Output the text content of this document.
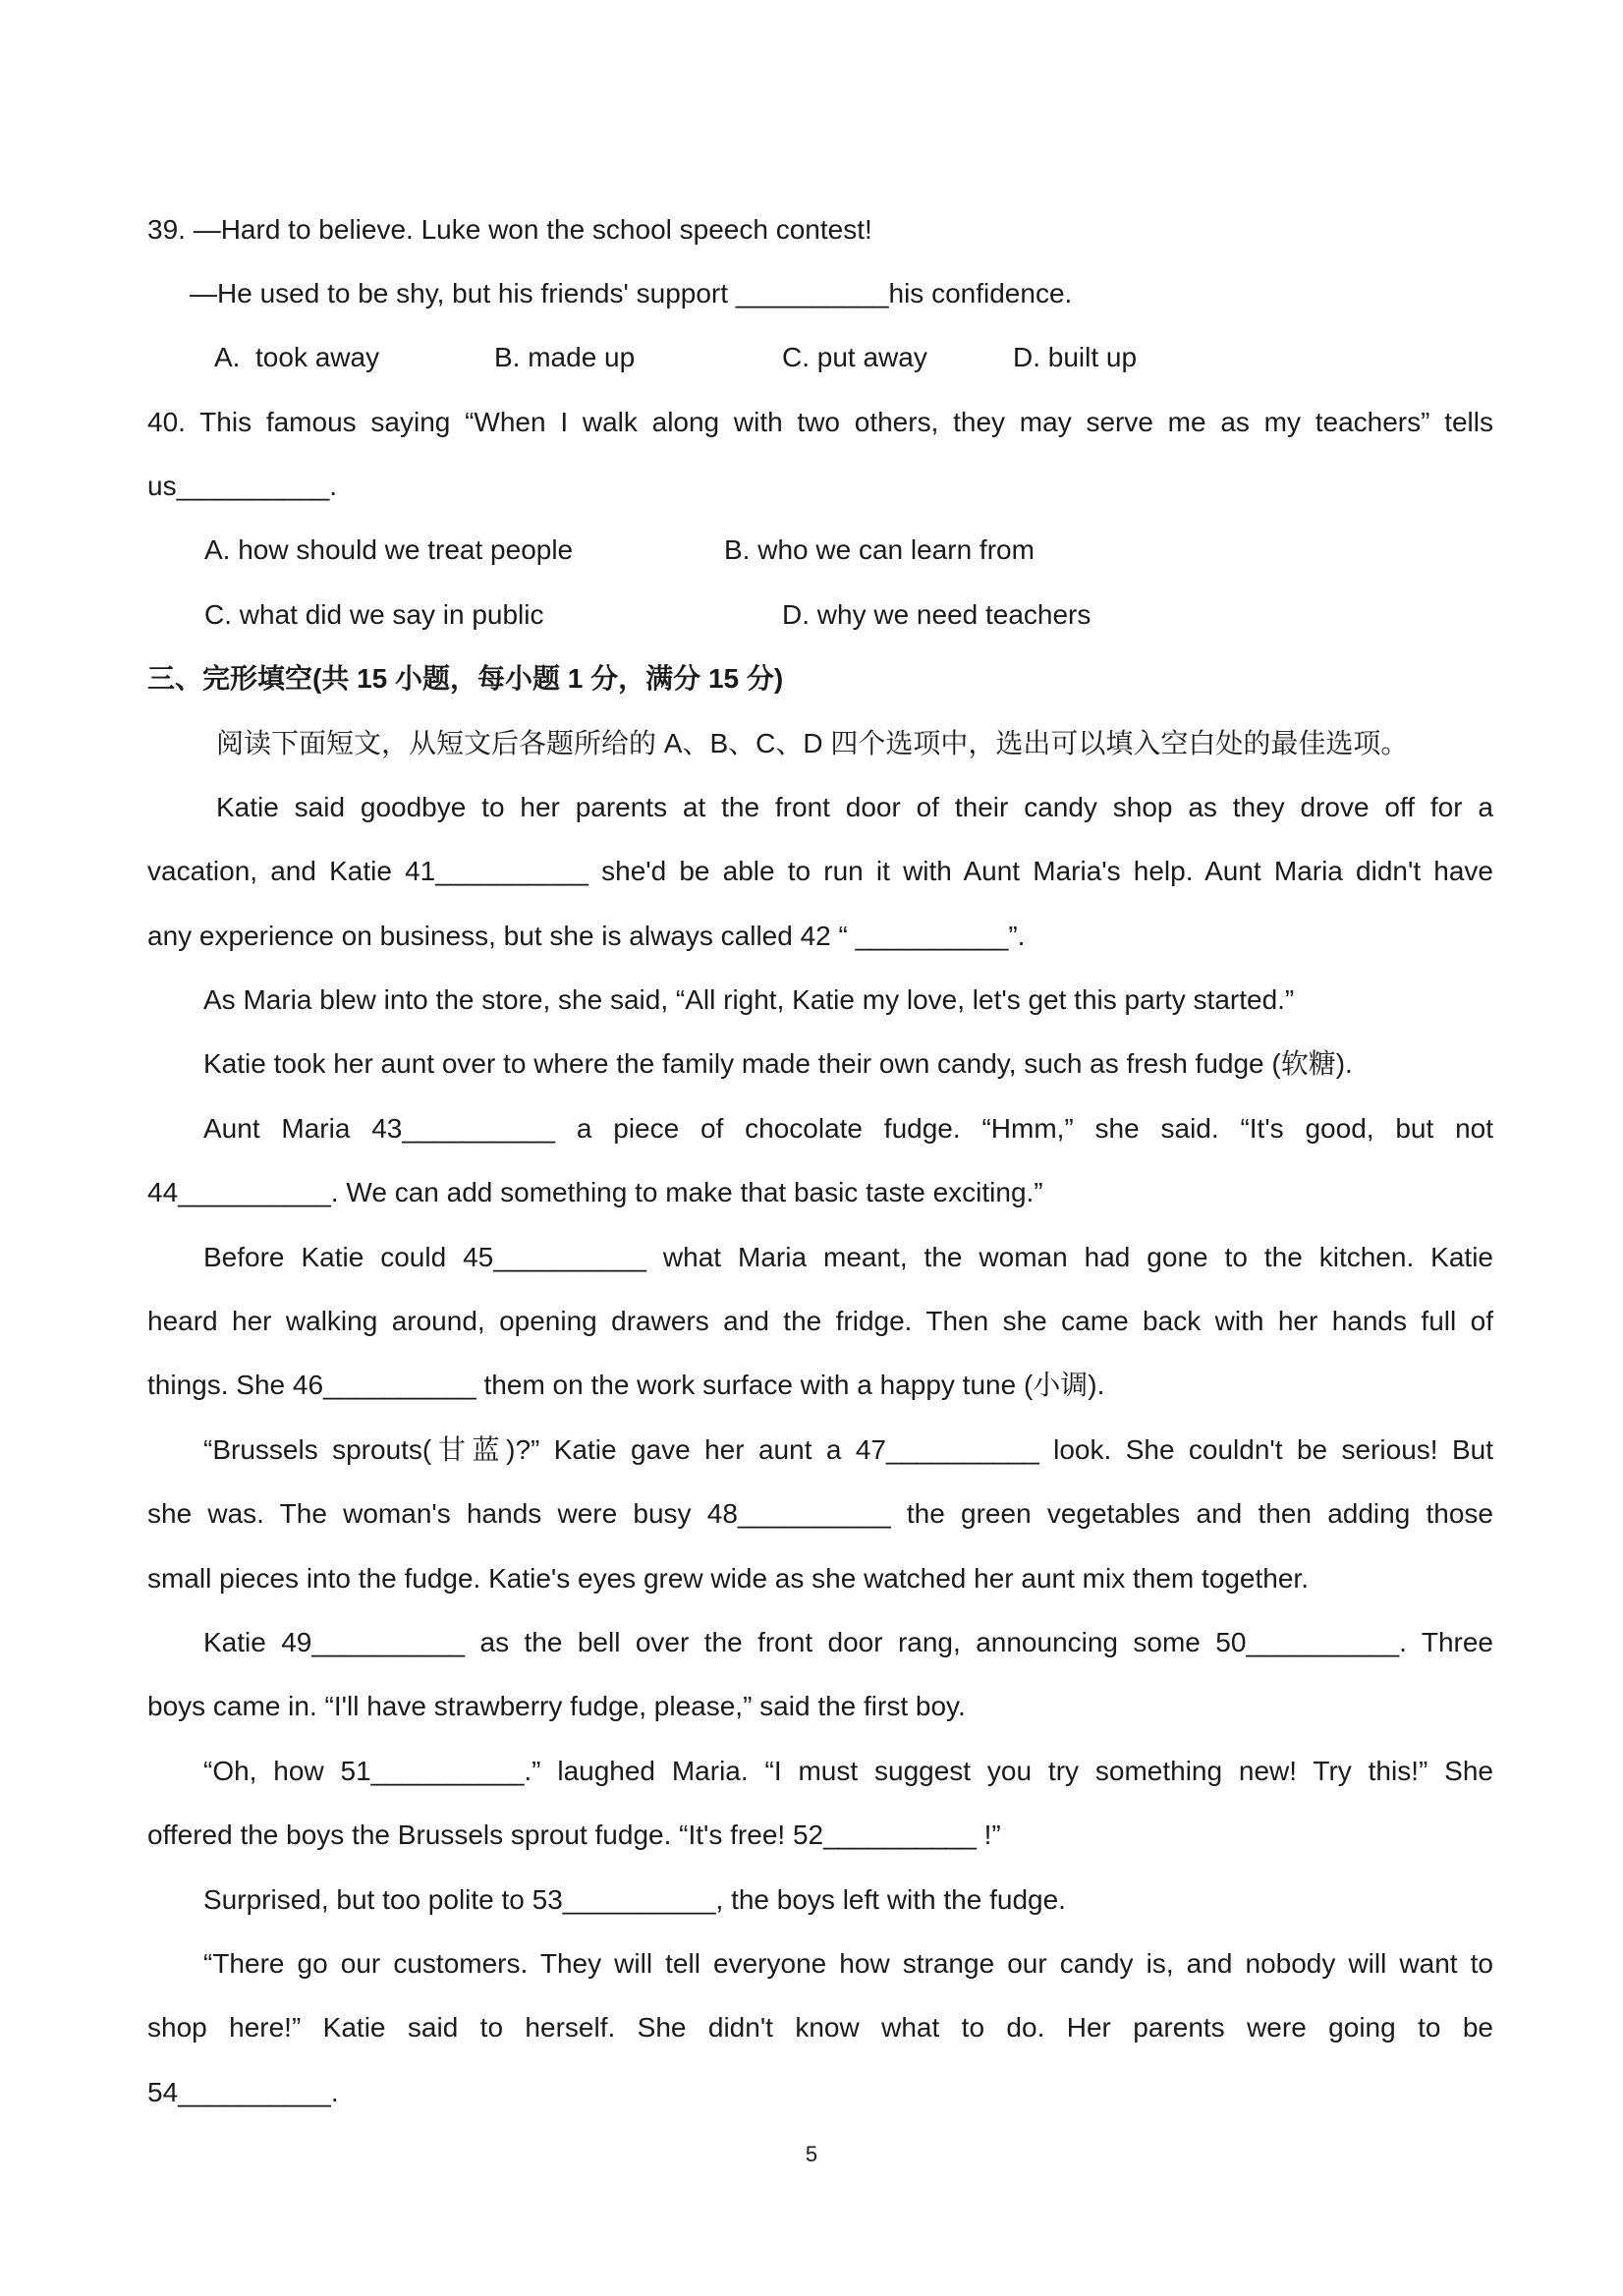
39. —Hard to believe. Luke won the school speech contest!
—He used to be shy, but his friends' support __________his confidence.
A.  took away	B. made up	C. put away	D. built up
40. This famous saying “When I walk along with two others, they may serve me as my teachers” tells
us__________.
A. how should we treat people	B. who we can learn from
C. what did we say in public	D. why we need teachers
三、完形填空(共 15 小题，每小题 1 分，满分 15 分)
阅读下面短文，从短文后各题所给的 A、B、C、D 四个选项中，选出可以填入空白处的最佳选项。
Katie said goodbye to her parents at the front door of their candy shop as they drove off for a
vacation, and Katie 41__________ she'd be able to run it with Aunt Maria's help. Aunt Maria didn't have
any experience on business, but she is always called 42 “ __________”.
As Maria blew into the store, she said, “All right, Katie my love, let's get this party started.”
Katie took her aunt over to where the family made their own candy, such as fresh fudge (软糖).
Aunt Maria 43__________ a piece of chocolate fudge. “Hmm,” she said. “It's good, but not
44__________. We can add something to make that basic taste exciting.”
Before Katie could 45__________ what Maria meant, the woman had gone to the kitchen. Katie
heard her walking around, opening drawers and the fridge. Then she came back with her hands full of
things. She 46__________ them on the work surface with a happy tune (小调).
“Brussels sprouts(甘蓝)?” Katie gave her aunt a 47__________ look. She couldn't be serious! But
she was. The woman's hands were busy 48__________ the green vegetables and then adding those
small pieces into the fudge. Katie's eyes grew wide as she watched her aunt mix them together.
Katie 49__________ as the bell over the front door rang, announcing some 50__________. Three
boys came in. “I'll have strawberry fudge, please,” said the first boy.
“Oh, how 51__________.” laughed Maria. “I must suggest you try something new! Try this!” She
offered the boys the Brussels sprout fudge. “It's free! 52__________ !”
Surprised, but too polite to 53__________, the boys left with the fudge.
“There go our customers. They will tell everyone how strange our candy is, and nobody will want to
shop here!” Katie said to herself. She didn't know what to do. Her parents were going to be
54__________.
5
